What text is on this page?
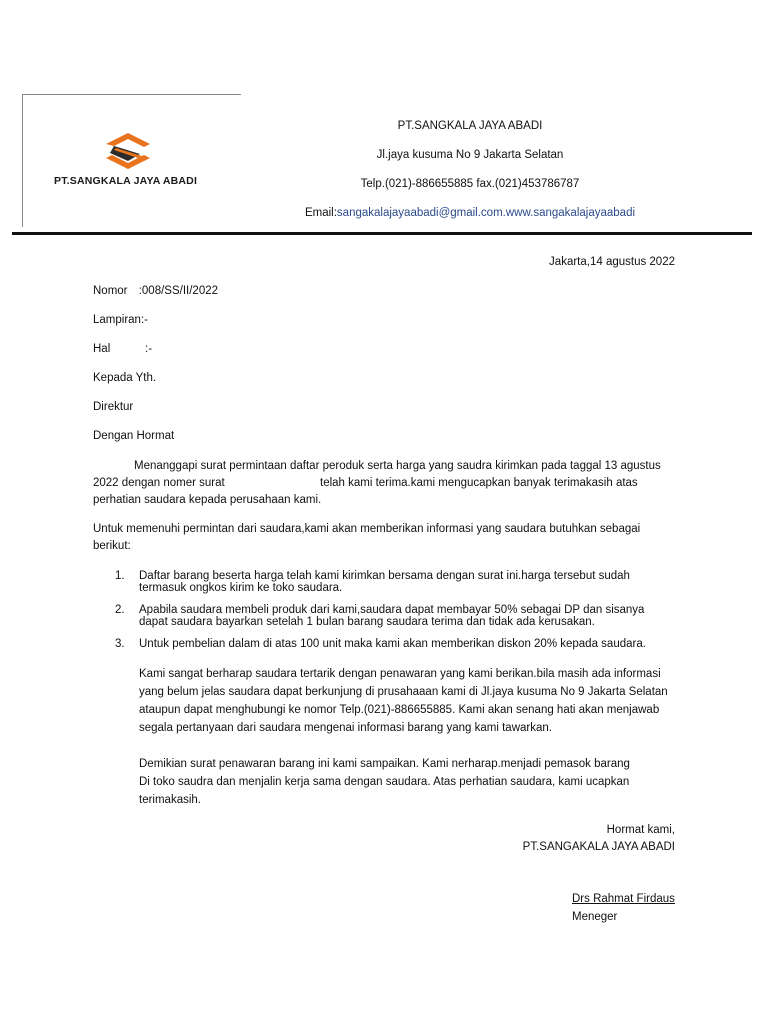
PT.SANGKALA JAYA ABADI
PT.SANGKALA JAYA ABADI
Jl.jaya kusuma No 9 Jakarta Selatan
Telp.(021)-886655885 fax.(021)453786787
Email:sangakalajayaabadi@gmail.com.www.sangakalajayaabadi
Jakarta,14 agustus 2022
Nomor :008/SS/II/2022
Lampiran:-
Hal	:-
Kepada Yth.
Direktur
Dengan Hormat
Menanggapi surat permintaan daftar peroduk serta harga yang saudra kirimkan pada taggal 13 agustus
2022 dengan nomer surat	telah kami terima.kami mengucapkan banyak terimakasih atas
perhatian saudara kepada perusahaan kami.
Untuk memenuhi permintan dari saudara,kami akan memberikan informasi yang saudara butuhkan sebagai
berikut:
1. Daftar barang beserta harga telah kami kirimkan bersama dengan surat ini.harga tersebut sudah
termasuk ongkos kirim ke toko saudara.
2. Apabila saudara membeli produk dari kami,saudara dapat membayar 50% sebagai DP dan sisanya
dapat saudara bayarkan setelah 1 bulan barang saudara terima dan tidak ada kerusakan.
3. Untuk pembelian dalam di atas 100 unit maka kami akan memberikan diskon 20% kepada saudara.
Kami sangat berharap saudara tertarik dengan penawaran yang kami berikan.bila masih ada informasi
yang belum jelas saudara dapat berkunjung di prusahaaan kami di Jl.jaya kusuma No 9 Jakarta Selatan
ataupun dapat menghubungi ke nomor Telp.(021)-886655885. Kami akan senang hati akan menjawab
segala pertanyaan dari saudara mengenai informasi barang yang kami tawarkan.
Demikian surat penawaran barang ini kami sampaikan. Kami nerharap.menjadi pemasok barang
Di toko saudra dan menjalin kerja sama dengan saudara. Atas perhatian saudara, kami ucapkan
terimakasih.
Hormat kami,
PT.SANGAKALA JAYA ABADI
Drs Rahmat Firdaus
Meneger
